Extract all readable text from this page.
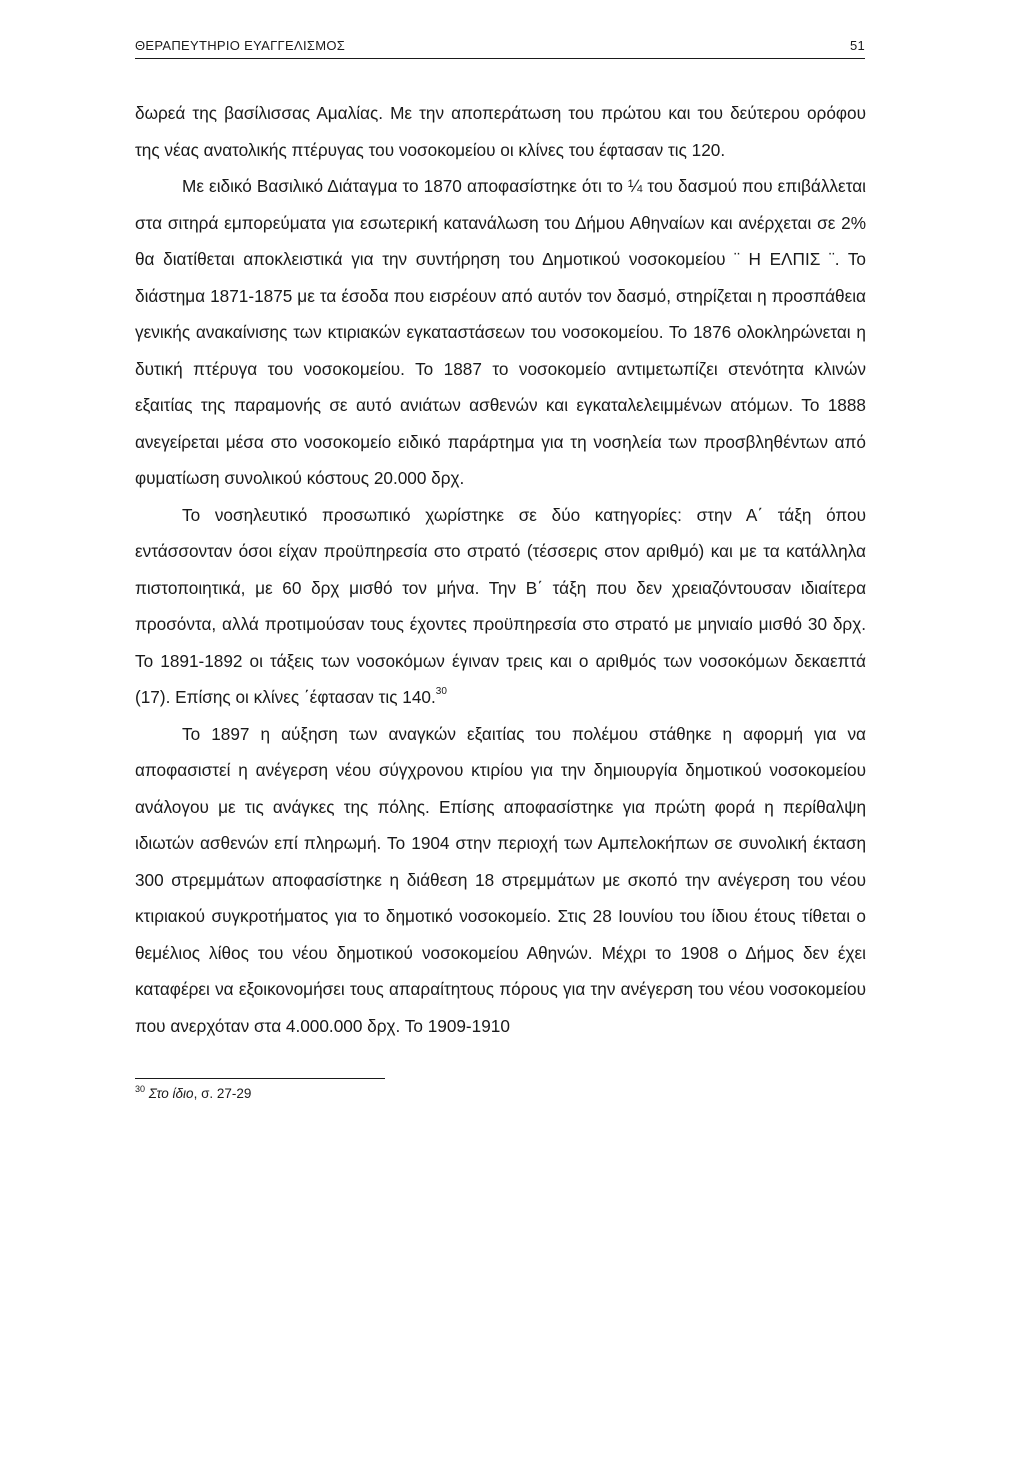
ΘΕΡΑΠΕΥΤΗΡΙΟ ΕΥΑΓΓΕΛΙΣΜΟΣ	51

δωρεά της βασίλισσας Αμαλίας. Με την αποπεράτωση του πρώτου και του δεύτερου ορόφου της νέας ανατολικής πτέρυγας του νοσοκομείου οι κλίνες του έφτασαν τις 120.

Με ειδικό Βασιλικό Διάταγμα το 1870 αποφασίστηκε ότι το ¼ του δασμού που επιβάλλεται στα σιτηρά εμπορεύματα για εσωτερική κατανάλωση του Δήμου Αθηναίων και ανέρχεται σε 2% θα διατίθεται αποκλειστικά για την συντήρηση του Δημοτικού νοσοκομείου ¨ Η ΕΛΠΙΣ ¨. Το διάστημα 1871-1875 με τα έσοδα που εισρέουν από αυτόν τον δασμό, στηρίζεται η προσπάθεια γενικής ανακαίνισης των κτιριακών εγκαταστάσεων του νοσοκομείου. Το 1876 ολοκληρώνεται η δυτική πτέρυγα του νοσοκομείου. Το 1887 το νοσοκομείο αντιμετωπίζει στενότητα κλινών εξαιτίας της παραμονής σε αυτό ανιάτων ασθενών και εγκαταλελειμμένων ατόμων. Το 1888 ανεγείρεται μέσα στο νοσοκομείο ειδικό παράρτημα για τη νοσηλεία των προσβληθέντων από φυματίωση συνολικού κόστους 20.000 δρχ.

Το νοσηλευτικό προσωπικό χωρίστηκε σε δύο κατηγορίες: στην Α΄ τάξη όπου εντάσσονταν όσοι είχαν προϋπηρεσία στο στρατό (τέσσερις στον αριθμό) και με τα κατάλληλα πιστοποιητικά, με 60 δρχ μισθό τον μήνα. Την Β΄ τάξη που δεν χρειαζόντουσαν ιδιαίτερα προσόντα, αλλά προτιμούσαν τους έχοντες προϋπηρεσία στο στρατό με μηνιαίο μισθό 30 δρχ. Το 1891-1892 οι τάξεις των νοσοκόμων έγιναν τρεις και ο αριθμός των νοσοκόμων δεκαεπτά (17). Επίσης οι κλίνες ΄έφτασαν τις 140.30

Το 1897 η αύξηση των αναγκών εξαιτίας του πολέμου στάθηκε η αφορμή για να αποφασιστεί η ανέγερση νέου σύγχρονου κτιρίου για την δημιουργία δημοτικού νοσοκομείου ανάλογου με τις ανάγκες της πόλης. Επίσης αποφασίστηκε για πρώτη φορά η περίθαλψη ιδιωτών ασθενών επί πληρωμή. Το 1904 στην περιοχή των Αμπελοκήπων σε συνολική έκταση 300 στρεμμάτων αποφασίστηκε η διάθεση 18 στρεμμάτων με σκοπό την ανέγερση του νέου κτιριακού συγκροτήματος για το δημοτικό νοσοκομείο. Στις 28 Ιουνίου του ίδιου έτους τίθεται ο θεμέλιος λίθος του νέου δημοτικού νοσοκομείου Αθηνών. Μέχρι το 1908 ο Δήμος δεν έχει καταφέρει να εξοικονομήσει τους απαραίτητους πόρους για την ανέγερση του νέου νοσοκομείου που ανερχόταν στα 4.000.000 δρχ. Το 1909-1910

$^{30}$ Στο ίδιο, σ. 27-29
